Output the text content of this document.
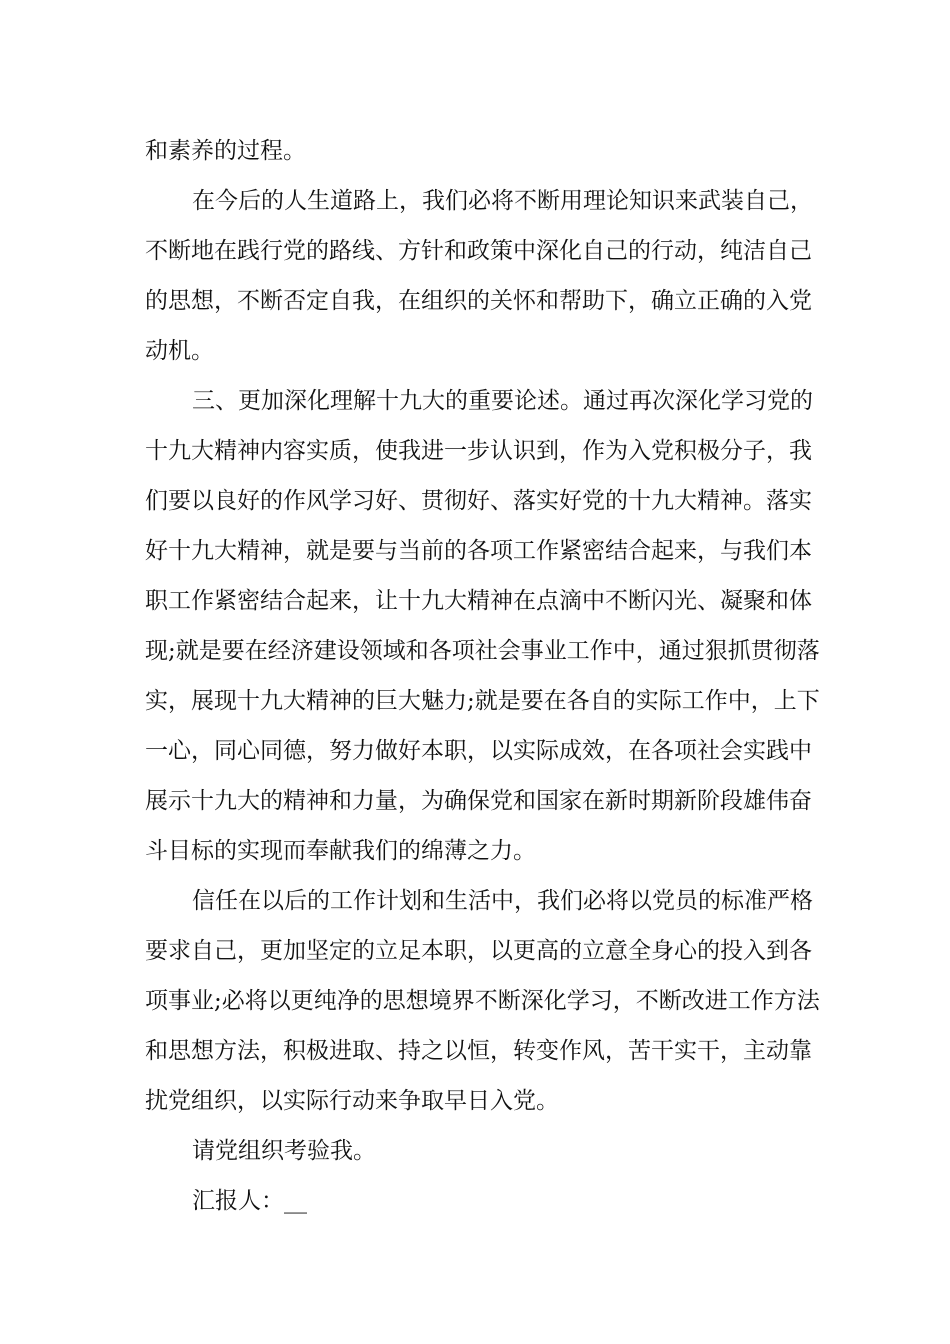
和素养的过程。
在今后的人生道路上，我们必将不断用理论知识来武装自己，
不断地在践行党的路线、方针和政策中深化自己的行动，纯洁自己
的思想，不断否定自我，在组织的关怀和帮助下，确立正确的入党
动机。
三、更加深化理解十九大的重要论述。通过再次深化学习党的
十九大精神内容实质，使我进一步认识到，作为入党积极分子，我
们要以良好的作风学习好、贯彻好、落实好党的十九大精神。落实
好十九大精神，就是要与当前的各项工作紧密结合起来，与我们本
职工作紧密结合起来，让十九大精神在点滴中不断闪光、凝聚和体
现;就是要在经济建设领域和各项社会事业工作中，通过狠抓贯彻落
实，展现十九大精神的巨大魅力;就是要在各自的实际工作中，上下
一心，同心同德，努力做好本职，以实际成效，在各项社会实践中
展示十九大的精神和力量，为确保党和国家在新时期新阶段雄伟奋
斗目标的实现而奉献我们的绵薄之力。
信任在以后的工作计划和生活中，我们必将以党员的标准严格
要求自己，更加坚定的立足本职，以更高的立意全身心的投入到各
项事业;必将以更纯净的思想境界不断深化学习，不断改进工作方法
和思想方法，积极进取、持之以恒，转变作风，苦干实干，主动靠
扰党组织，以实际行动来争取早日入党。
请党组织考验我。
汇报人：__
